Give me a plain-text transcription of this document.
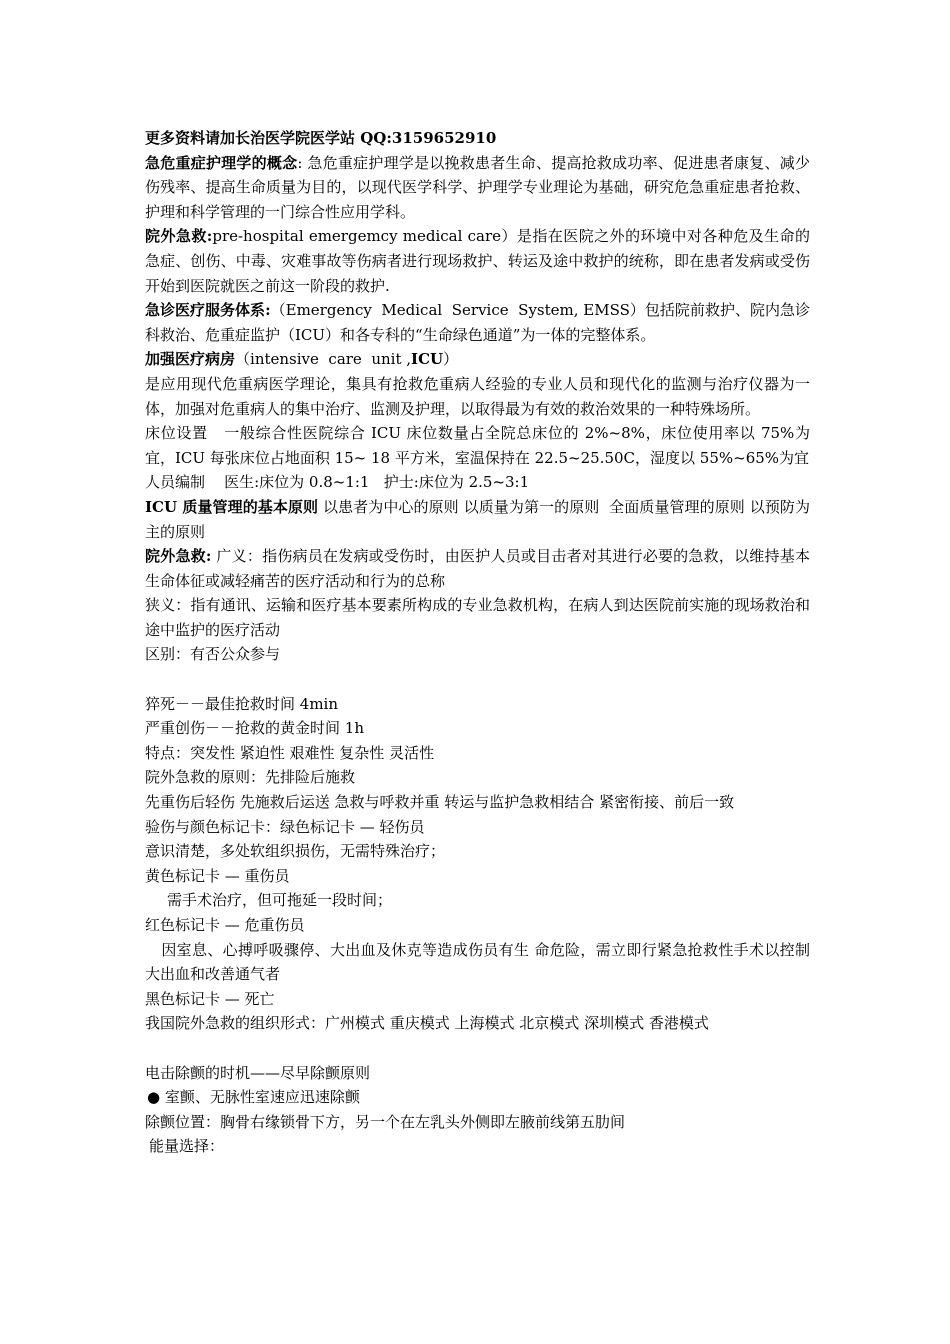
更多资料请加长治医学院医学站 QQ:3159652910

急危重症护理学的概念: 急危重症护理学是以挽救患者生命、提高抢救成功率、促进患者康复、减少伤残率、提高生命质量为目的，以现代医学科学、护理学专业理论为基础，研究危急重症患者抢救、护理和科学管理的一门综合性应用学科。

院外急救:pre-hospital emergemcy medical care）是指在医院之外的环境中对各种危及生命的急症、创伤、中毒、灾难事故等伤病者进行现场救护、转运及途中救护的统称，即在患者发病或受伤开始到医院就医之前这一阶段的救护.

急诊医疗服务体系:（Emergency  Medical  Service  System, EMSS）包括院前救护、院内急诊科救治、危重症监护（ICU）和各专科的“生命绿色通道”为一体的完整体系。

加强医疗病房（intensive  care  unit ,ICU）

是应用现代危重病医学理论，集具有抢救危重病人经验的专业人员和现代化的监测与治疗仪器为一体，加强对危重病人的集中治疗、监测及护理，以取得最为有效的救治效果的一种特殊场所。

床位设置   一般综合性医院综合 ICU 床位数量占全院总床位的 2%~8%，床位使用率以 75%为宜，ICU 每张床位占地面积 15~ 18 平方米，室温保持在 22.5~25.50C，湿度以 55%~65%为宜

人员编制    医生:床位为 0.8~1:1   护士:床位为 2.5~3:1

ICU 质量管理的基本原则 以患者为中心的原则 以质量为第一的原则  全面质量管理的原则 以预防为主的原则

院外急救: 广义：指伤病员在发病或受伤时，由医护人员或目击者对其进行必要的急救，以维持基本生命体征或减轻痛苦的医疗活动和行为的总称

狭义：指有通讯、运输和医疗基本要素所构成的专业急救机构，在病人到达医院前实施的现场救治和途中监护的医疗活动

区别：有否公众参与

猝死－－最佳抢救时间 4min

严重创伤－－抢救的黄金时间 1h

特点：突发性 紧迫性 艰难性 复杂性 灵活性

院外急救的原则：先排险后施救

先重伤后轻伤 先施救后运送 急救与呼救并重 转运与监护急救相结合 紧密衔接、前后一致

验伤与颜色标记卡：绿色标记卡 — 轻伤员

意识清楚，多处软组织损伤，无需特殊治疗；

黄色标记卡 — 重伤员

需手术治疗，但可拖延一段时间；

红色标记卡 — 危重伤员

因室息、心搏呼吸骤停、大出血及休克等造成伤员有生 命危险，需立即行紧急抢救性手术以控制大出血和改善通气者

黑色标记卡 — 死亡

我国院外急救的组织形式：广州模式 重庆模式 上海模式 北京模式 深圳模式 香港模式

电击除颤的时机——尽早除颤原则

● 室颤、无脉性室速应迅速除颤

除颤位置：胸骨右缘锁骨下方，另一个在左乳头外侧即左腋前线第五肋间

能量选择：
